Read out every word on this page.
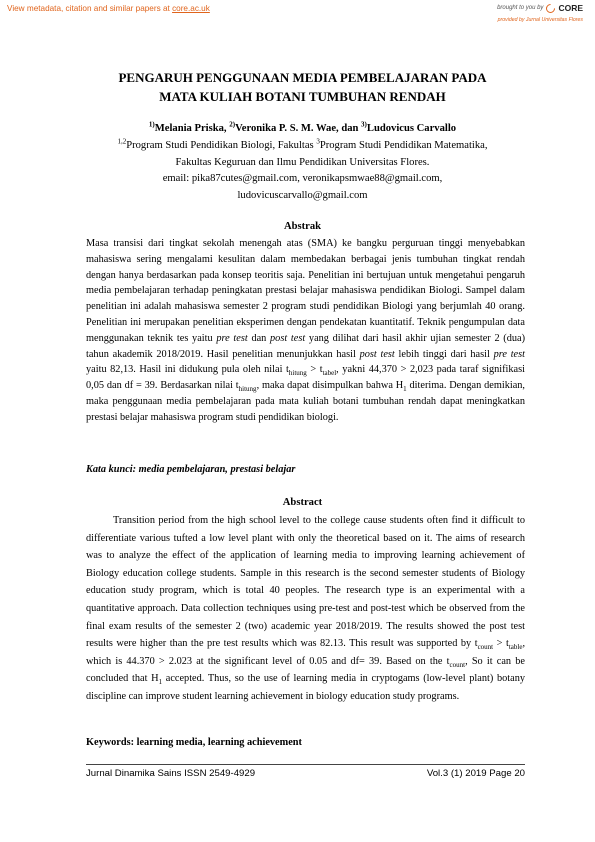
View metadata, citation and similar papers at core.ac.uk	brought to you by CORE
provided by Jurnal Universitas Flores
PENGARUH PENGGUNAAN MEDIA PEMBELAJARAN PADA
MATA KULIAH BOTANI TUMBUHAN RENDAH
$^{1)}$Melania Priska, $^{2)}$Veronika P. S. M. Wae, dan $^{3)}$Ludovicus Carvallo
$^{1,2}$Program Studi Pendidikan Biologi, Fakultas $^3$Program Studi Pendidikan Matematika,
Fakultas Keguruan dan Ilmu Pendidikan Universitas Flores.
email: pika87cutes@gmail.com, veronikapsmwae88@gmail.com,
ludovicuscarvallo@gmail.com
Abstrak

Masa transisi dari tingkat sekolah menengah atas (SMA) ke bangku perguruan tinggi menyebabkan mahasiswa sering mengalami kesulitan dalam membedakan berbagai jenis tumbuhan tingkat rendah dengan hanya berdasarkan pada konsep teoritis saja. Penelitian ini bertujuan untuk mengetahui pengaruh media pembelajaran terhadap peningkatan prestasi belajar mahasiswa pendidikan Biologi. Sampel dalam penelitian ini adalah mahasiswa semester 2 program studi pendidikan Biologi yang berjumlah 40 orang. Penelitian ini merupakan penelitian eksperimen dengan pendekatan kuantitatif. Teknik pengumpulan data menggunakan teknik tes yaitu pre test dan post test yang dilihat dari hasil akhir ujian semester 2 (dua) tahun akademik 2018/2019. Hasil penelitian menunjukkan hasil post test lebih tinggi dari hasil pre test yaitu 82,13. Hasil ini didukung pula oleh nilai $t_{hitung} > t_{tabel}$, yakni 44,370 > 2,023 pada taraf signifikasi 0,05 dan df = 39. Berdasarkan nilai $t_{hitung}$, maka dapat disimpulkan bahwa $H_1$ diterima. Dengan demikian, maka penggunaan media pembelajaran pada mata kuliah botani tumbuhan rendah dapat meningkatkan prestasi belajar mahasiswa program studi pendidikan biologi.

Kata kunci: media pembelajaran, prestasi belajar
Abstract

Transition period from the high school level to the college cause students often find it difficult to differentiate various tufted a low level plant with only the theoretical based on it. The aims of research was to analyze the effect of the application of learning media to improving learning achievement of Biology education college students. Sample in this research is the second semester students of Biology education study program, which is total 40 peoples. The research type is an experimental with a quantitative approach. Data collection techniques using pre-test and post-test which be observed from the final exam results of the semester 2 (two) academic year 2018/2019. The results showed the post test results were higher than the pre test results which was 82.13. This result was supported by $t_{count} > t_{table}$, which is 44.370 > 2.023 at the significant level of 0.05 and df= 39. Based on the $t_{count}$, So it can be concluded that $H_1$ accepted. Thus, so the use of learning media in cryptogams (low-level plant) botany discipline can improve student learning achievement in biology education study programs.

Keywords: learning media, learning achievement
Jurnal Dinamika Sains ISSN 2549-4929	Vol.3 (1) 2019 Page 20
